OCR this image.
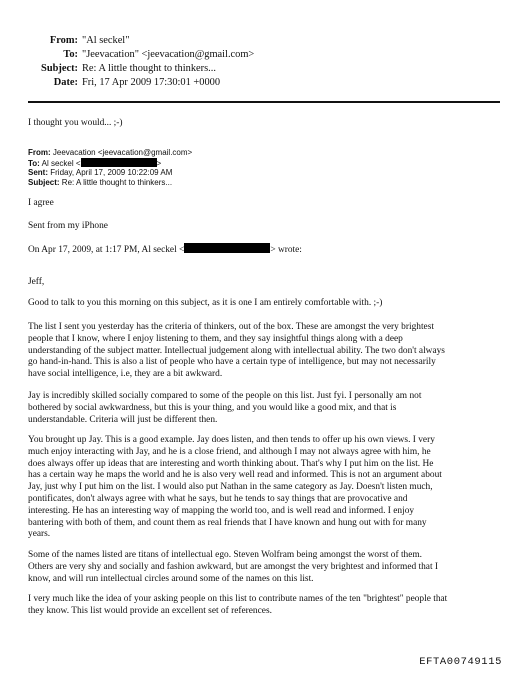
From: "Al seckel"
To: "Jeevacation" <jeevacation@gmail.com>
Subject: Re: A little thought to thinkers...
Date: Fri, 17 Apr 2009 17:30:01 +0000
I thought you would... ;-)
From: Jeevacation <jeevacation@gmail.com>
To: Al seckel <	>
Sent: Friday, April 17, 2009 10:22:09 AM
Subject: Re: A little thought to thinkers...
I agree
Sent from my iPhone
On Apr 17, 2009, at 1:17 PM, Al seckel <	> wrote:
Jeff,
Good to talk to you this morning on this subject, as it is one I am entirely comfortable with. ;-)
The list I sent you yesterday has the criteria of thinkers, out of the box. These are amongst the very brightest
people that I know, where I enjoy listening to them, and they say insightful things along with a deep
understanding of the subject matter. Intellectual judgement along with intellectual ability. The two don't always
go hand-in-hand. This is also a list of people who have a certain type of intelligence, but may not necessarily
have social intelligence, i.e, they are a bit awkward.
Jay is incredibly skilled socially compared to some of the people on this list. Just fyi. I personally am not
bothered by social awkwardness, but this is your thing, and you would like a good mix, and that is
understandable. Criteria will just be different then.
You brought up Jay. This is a good example. Jay does listen, and then tends to offer up his own views. I very
much enjoy interacting with Jay, and he is a close friend, and although I may not always agree with him, he
does always offer up ideas that are interesting and worth thinking about. That's why I put him on the list. He
has a certain way he maps the world and he is also very well read and informed. This is not an argument about
Jay, just why I put him on the list. I would also put Nathan in the same category as Jay. Doesn't listen much,
pontificates, don't always agree with what he says, but he tends to say things that are provocative and
interesting. He has an interesting way of mapping the world too, and is well read and informed. I enjoy
bantering with both of them, and count them as real friends that I have known and hung out with for many
years.
Some of the names listed are titans of intellectual ego. Steven Wolfram being amongst the worst of them.
Others are very shy and socially and fashion awkward, but are amongst the very brightest and informed that I
know, and will run intellectual circles around some of the names on this list.
I very much like the idea of your asking people on this list to contribute names of the ten "brightest" people that
they know. This list would provide an excellent set of references.
EFTA00749115
